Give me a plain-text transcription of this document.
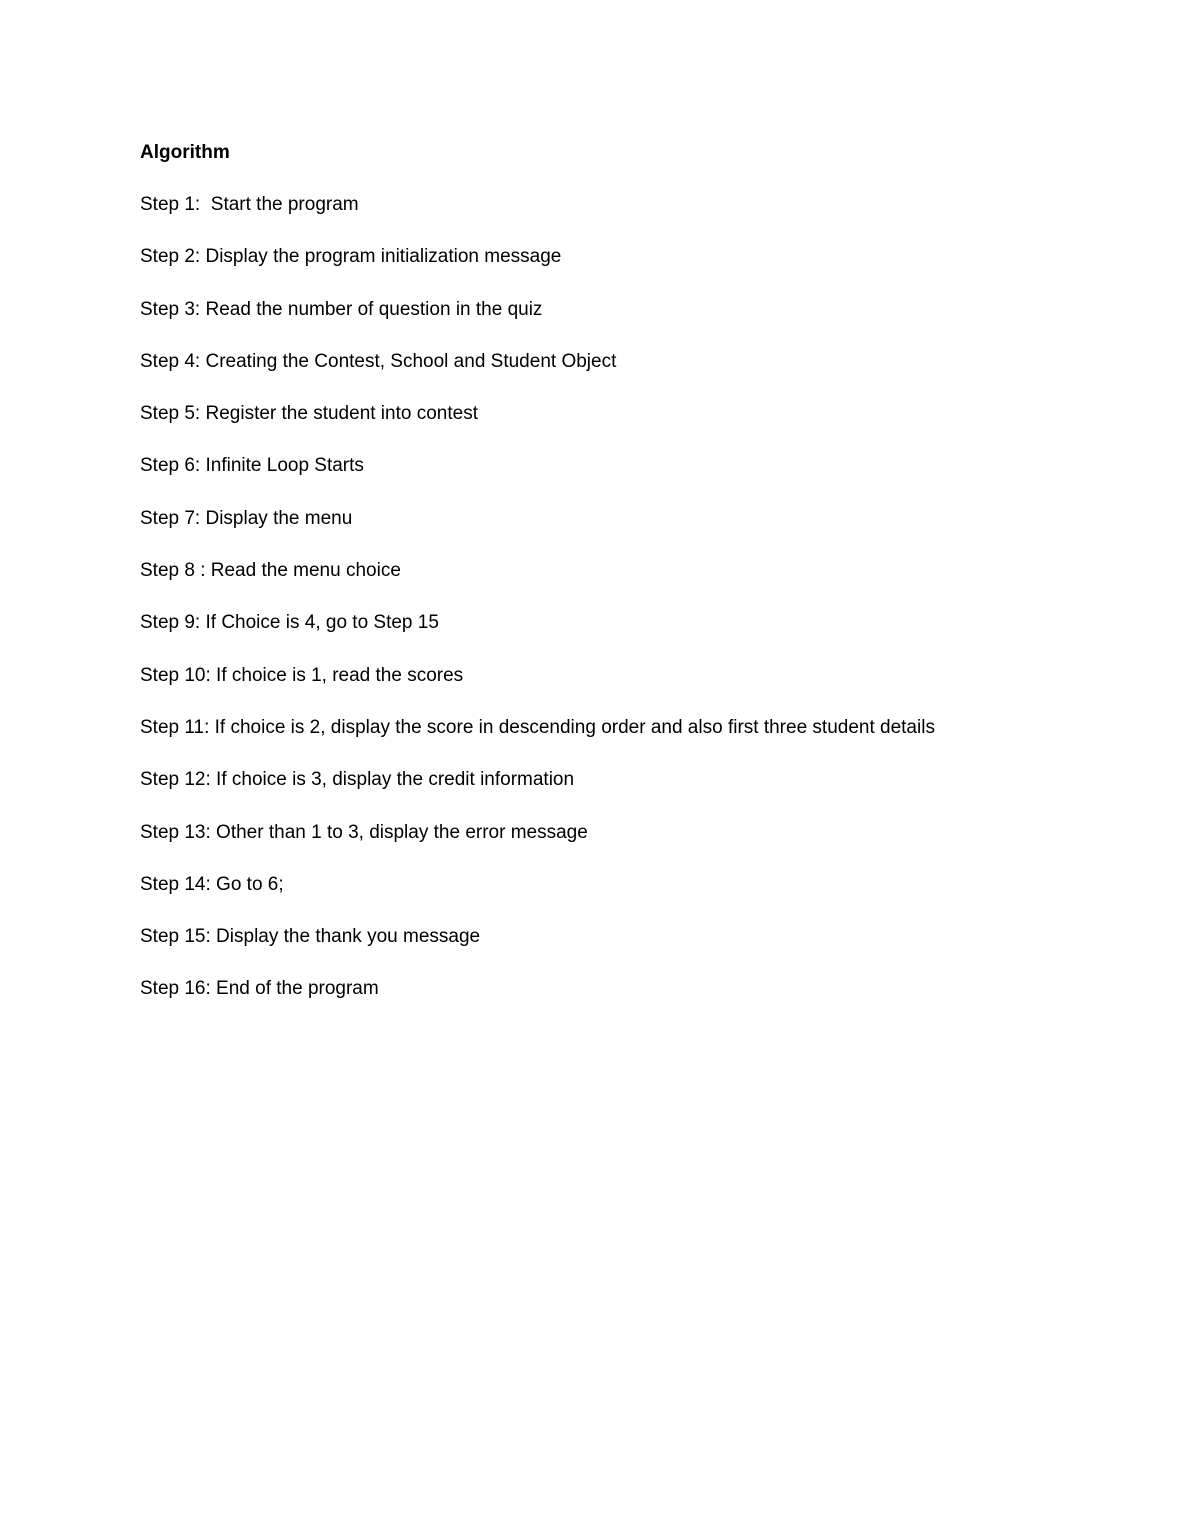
Algorithm
Step 1:  Start the program
Step 2: Display the program initialization message
Step 3: Read the number of question in the quiz
Step 4: Creating the Contest, School and Student Object
Step 5: Register the student into contest
Step 6: Infinite Loop Starts
Step 7: Display the menu
Step 8 : Read the menu choice
Step 9: If Choice is 4, go to Step 15
Step 10: If choice is 1, read the scores
Step 11: If choice is 2, display the score in descending order and also first three student details
Step 12: If choice is 3, display the credit information
Step 13: Other than 1 to 3, display the error message
Step 14: Go to 6;
Step 15: Display the thank you message
Step 16: End of the program
